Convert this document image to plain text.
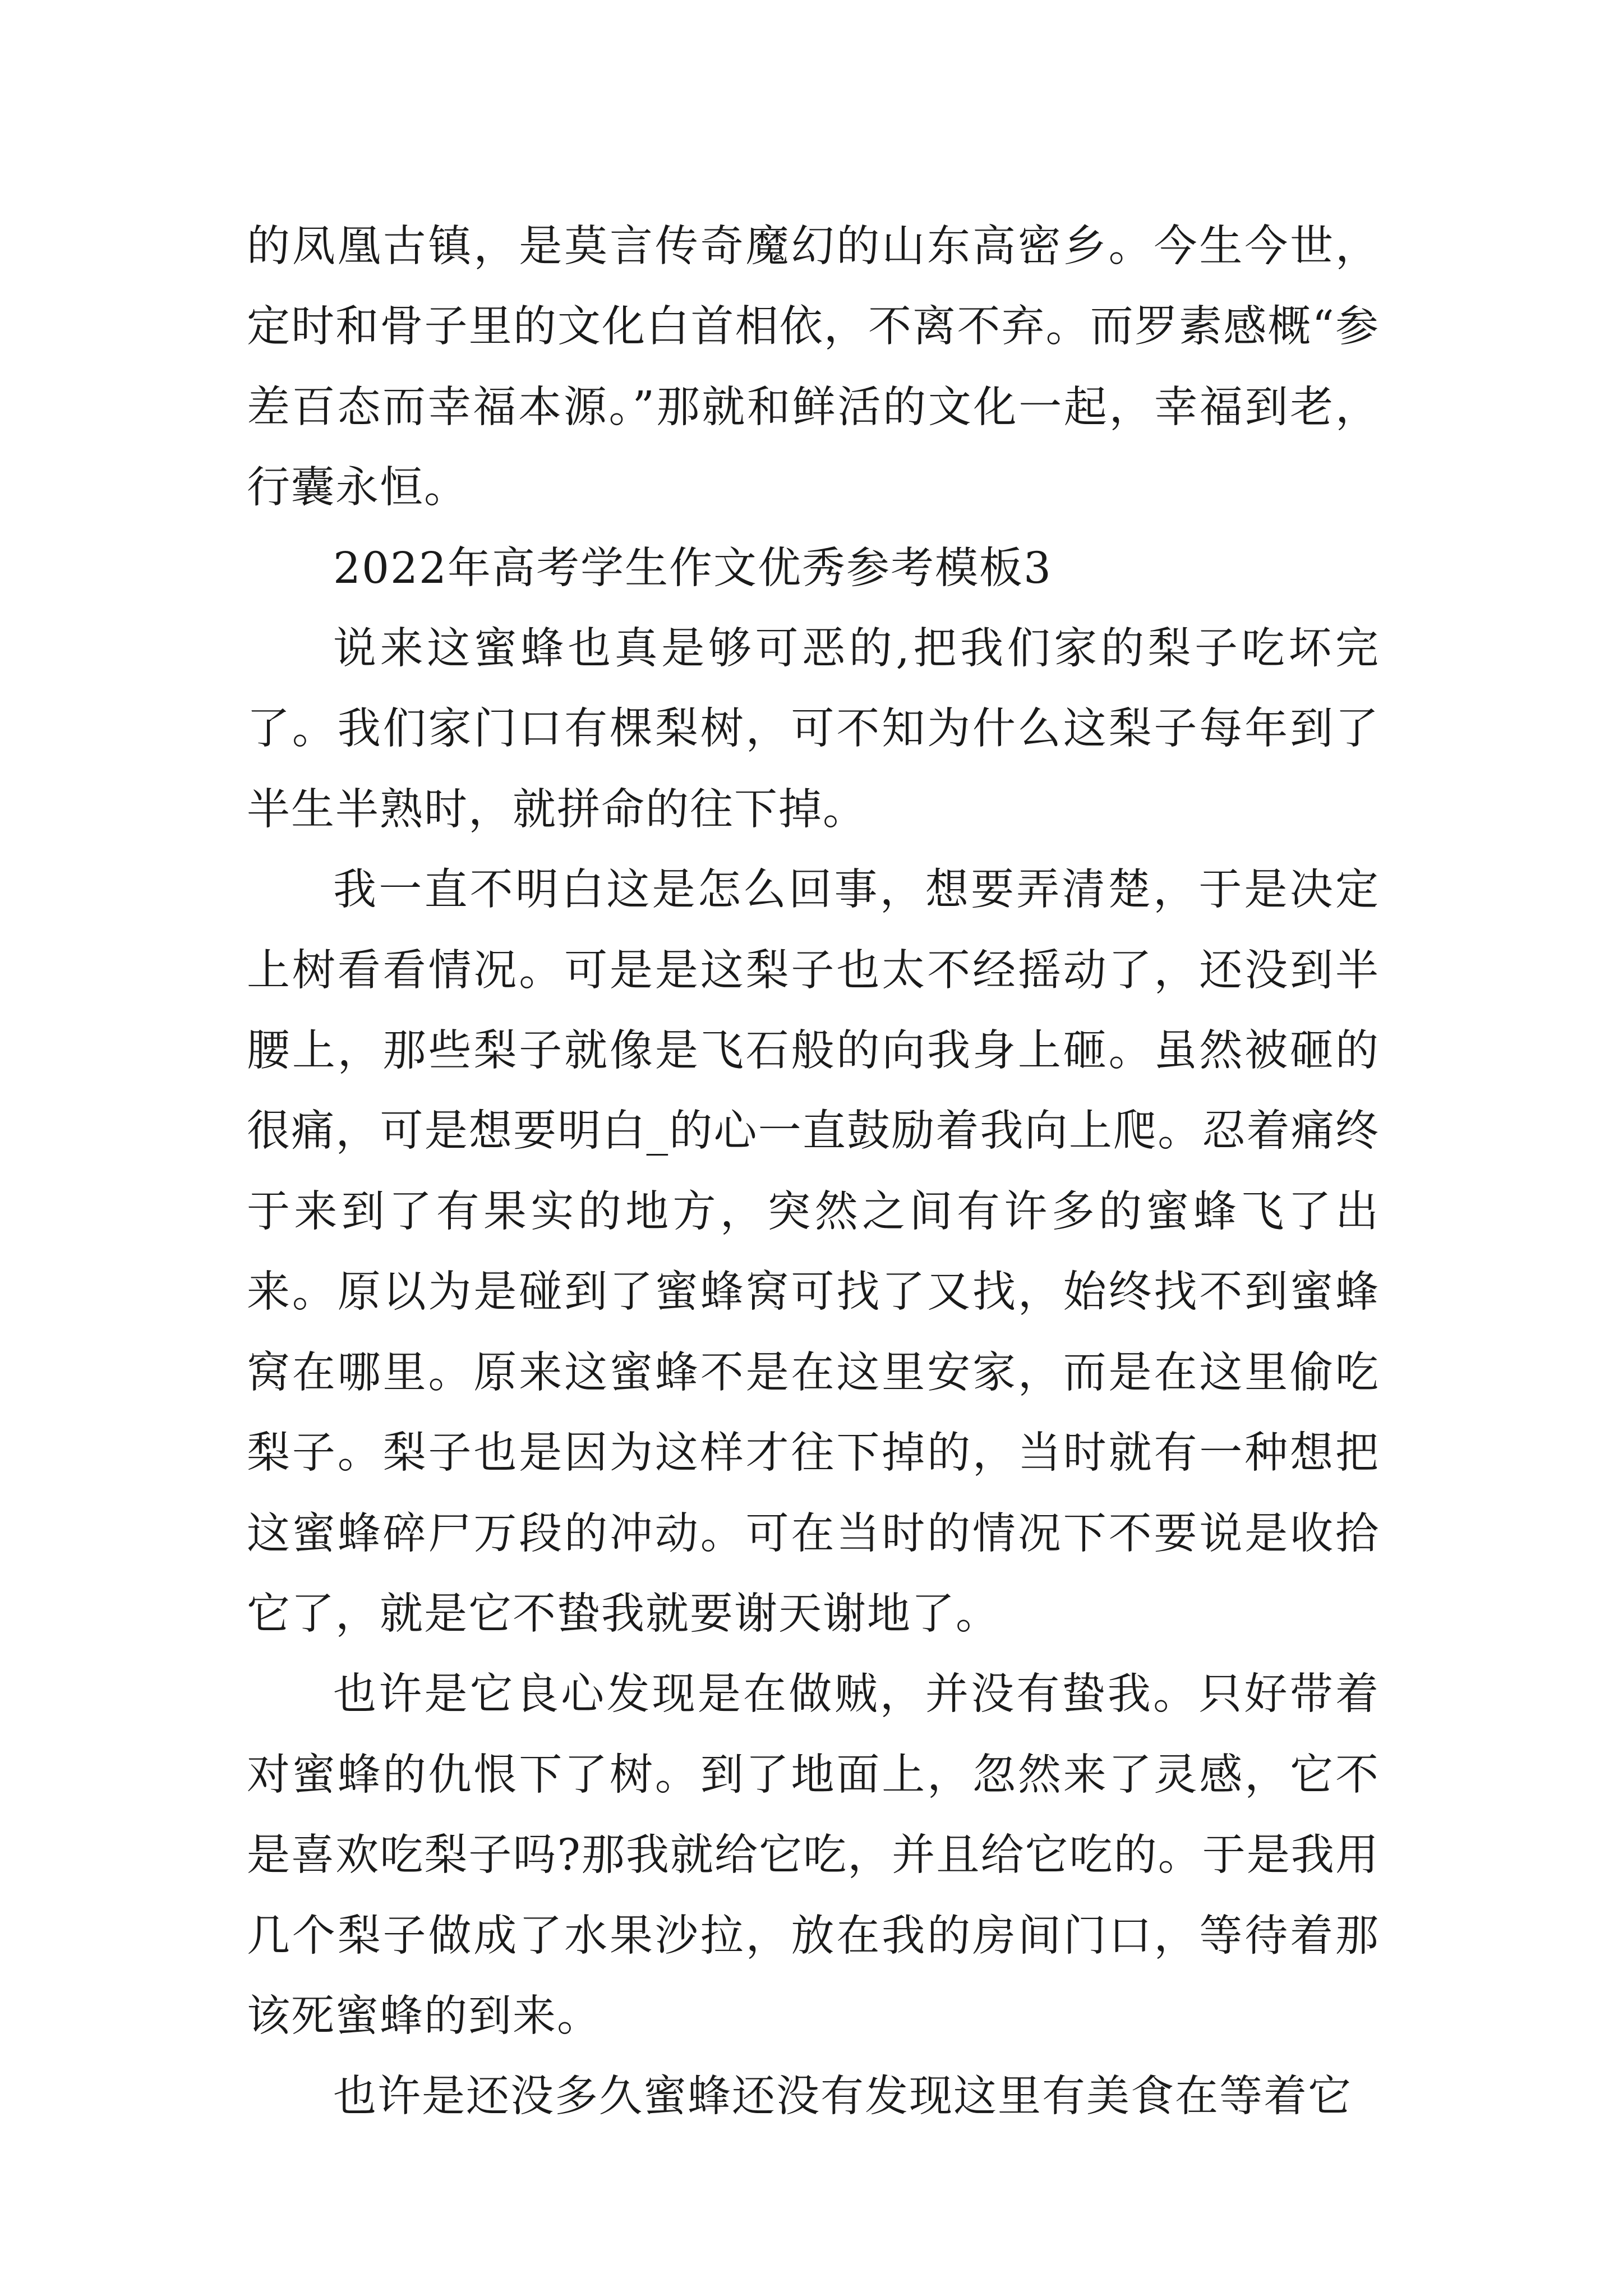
的凤凰古镇，是莫言传奇魔幻的山东高密乡。今生今世，定时和骨子里的文化白首相依，不离不弃。而罗素感概“参差百态而幸福本源。”那就和鲜活的文化一起，幸福到老，行囊永恒。

2022年高考学生作文优秀参考模板3

说来这蜜蜂也真是够可恶的,把我们家的梨子吃坏完了。我们家门口有棵梨树，可不知为什么这梨子每年到了半生半熟时，就拼命的往下掉。

我一直不明白这是怎么回事，想要弄清楚，于是决定上树看看情况。可是是这梨子也太不经摇动了，还没到半腰上，那些梨子就像是飞石般的向我身上砸。虽然被砸的很痛，可是想要明白_的心一直鼓励着我向上爬。忍着痛终于来到了有果实的地方，突然之间有许多的蜜蜂飞了出来。原以为是碰到了蜜蜂窝可找了又找，始终找不到蜜蜂窝在哪里。原来这蜜蜂不是在这里安家，而是在这里偷吃梨子。梨子也是因为这样才往下掉的，当时就有一种想把这蜜蜂碎尸万段的冲动。可在当时的情况下不要说是收拾它了，就是它不蛰我就要谢天谢地了。

也许是它良心发现是在做贼，并没有蛰我。只好带着对蜜蜂的仇恨下了树。到了地面上，忽然来了灵感，它不是喜欢吃梨子吗?那我就给它吃，并且给它吃的。于是我用几个梨子做成了水果沙拉，放在我的房间门口，等待着那该死蜜蜂的到来。

也许是还没多久蜜蜂还没有发现这里有美食在等着它
